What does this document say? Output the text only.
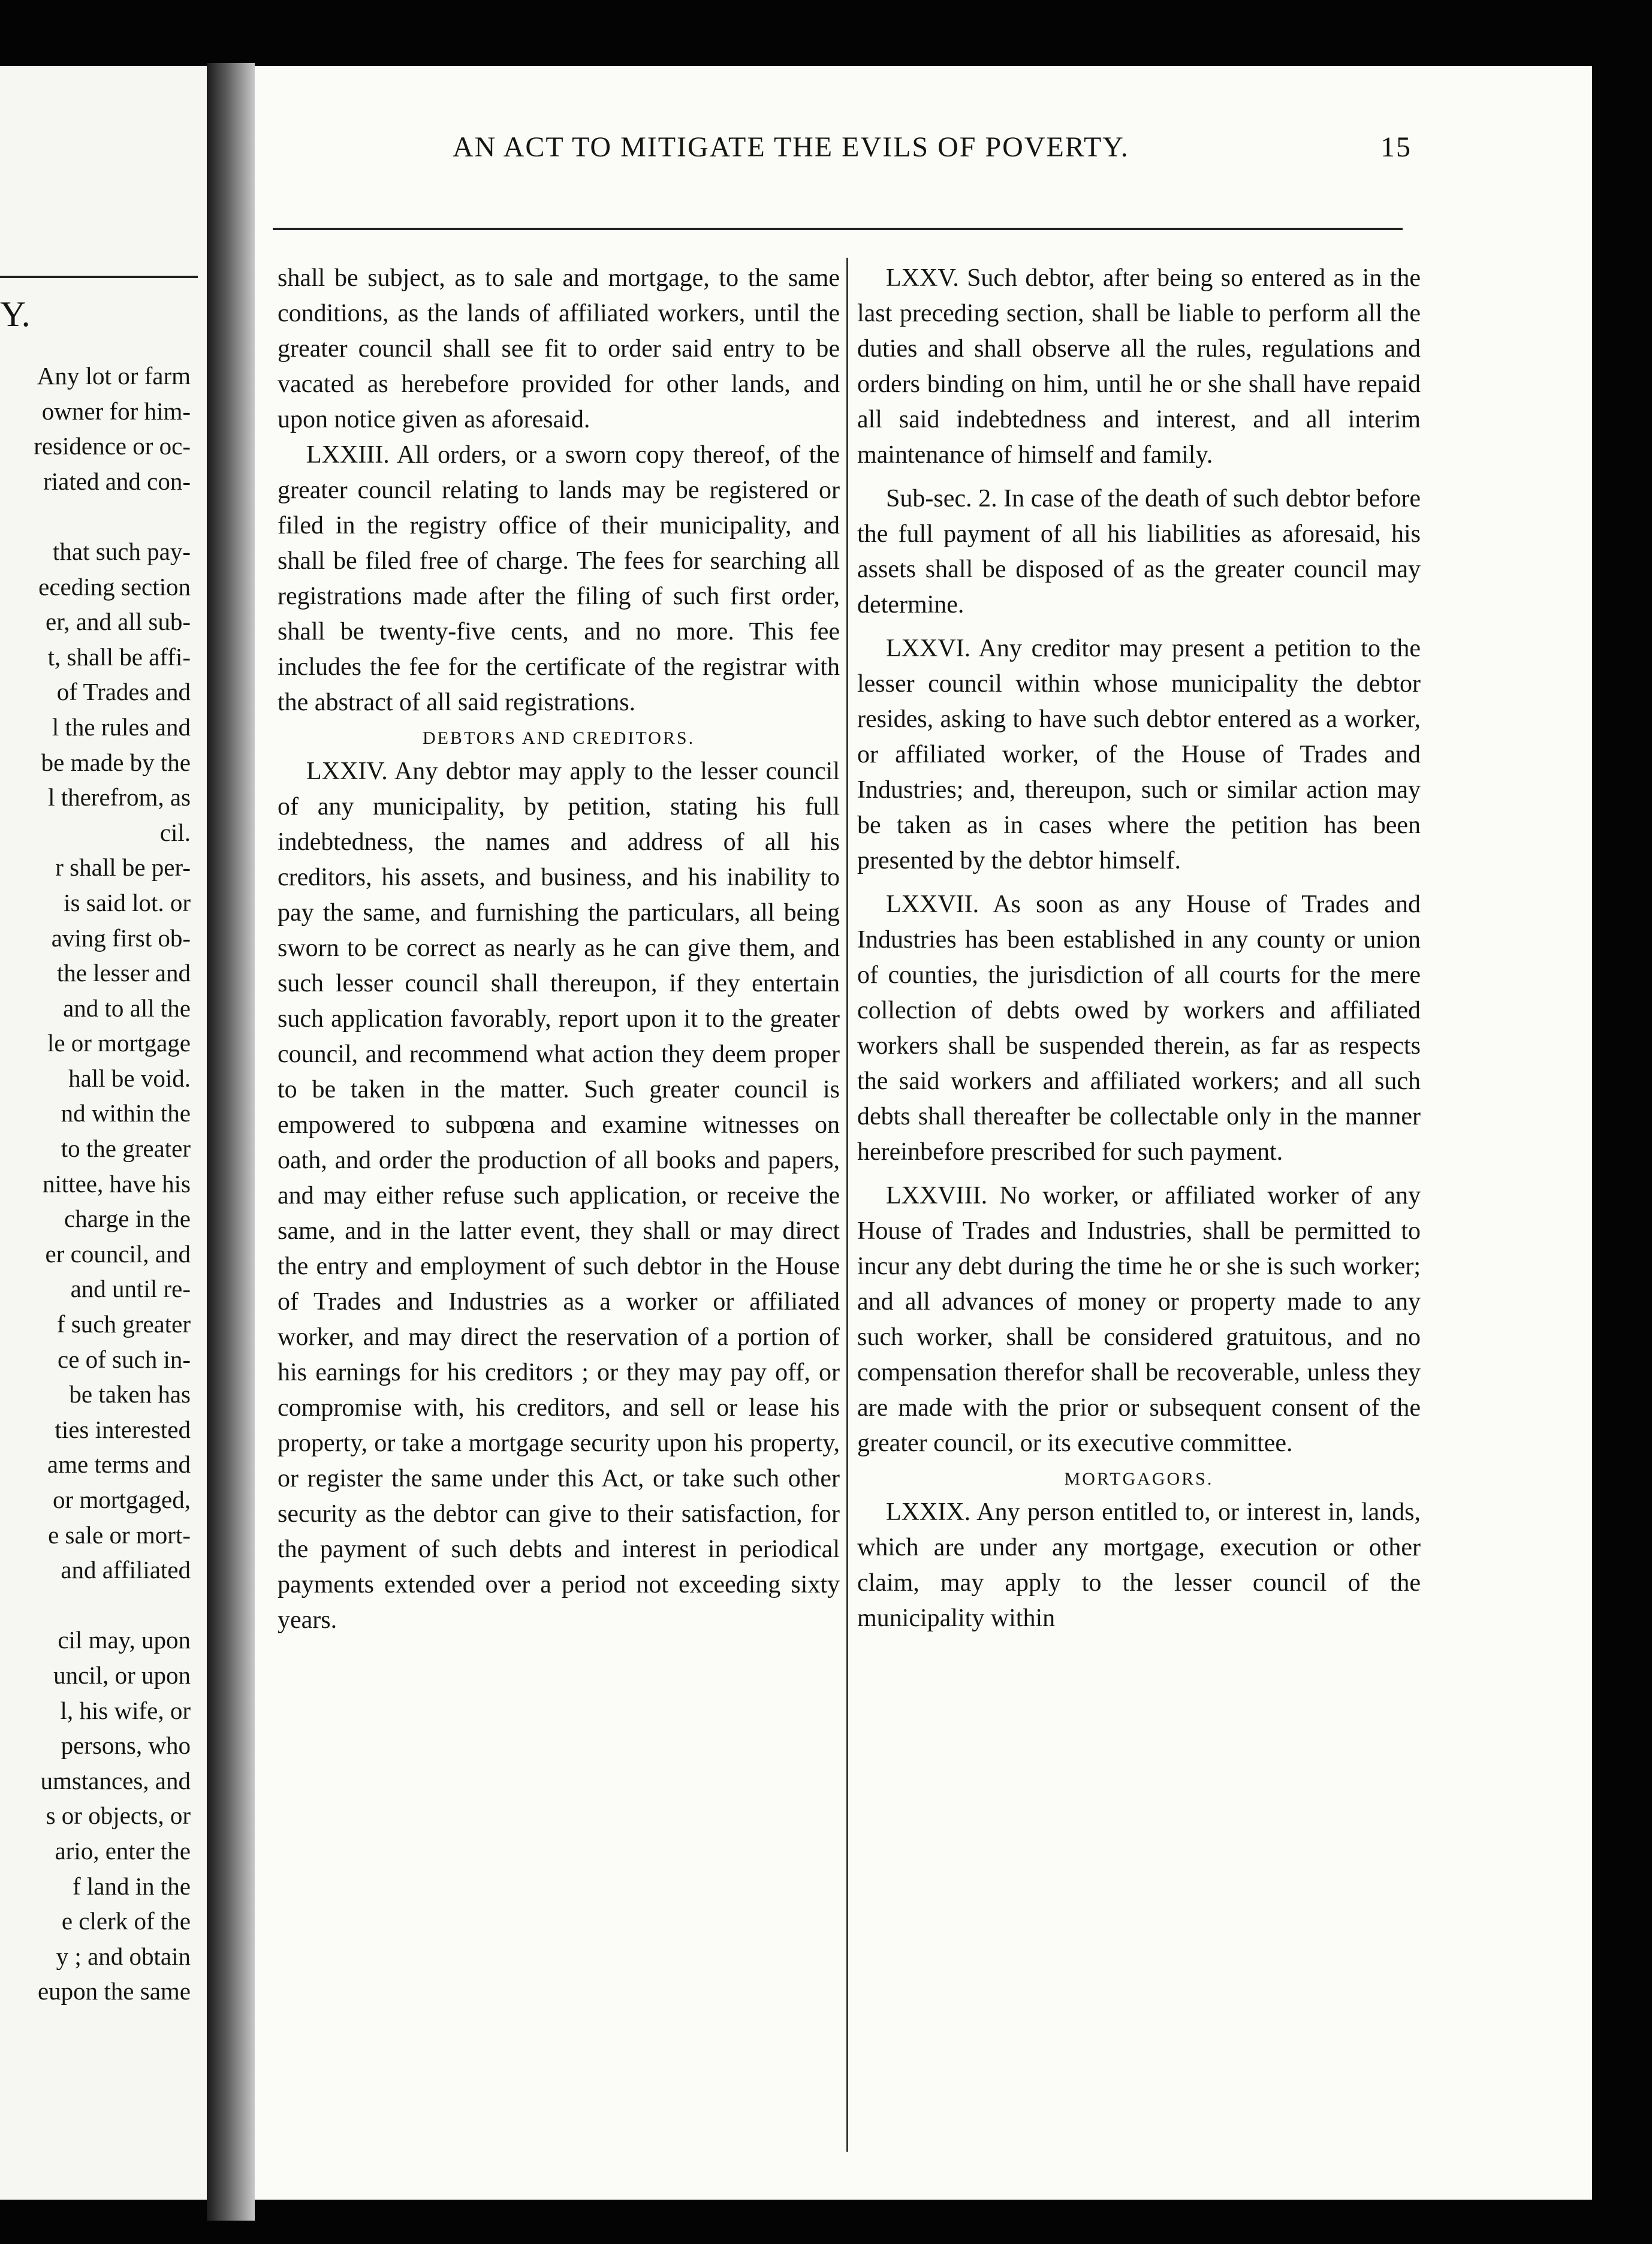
Y.
Any lot or farm
owner for him-
residence or oc-
riated and con-

that such pay-
eceding section
er, and all sub-
t, shall be affi-
of Trades and
l the rules and
be made by the
l therefrom, as
cil.
r shall be per-
is said lot. or
aving first ob-
the lesser and
and to all the
le or mortgage
hall be void.
nd within the
to the greater
nittee, have his
charge in the
er council, and
and until re-
f such greater
ce of such in-
be taken has
ties interested
ame terms and
or mortgaged,
e sale or mort-
and affiliated

cil may, upon
uncil, or upon
l, his wife, or
persons, who
umstances, and
s or objects, or
ario, enter the
f land in the
e clerk of the
y ; and obtain
eupon the same
AN ACT TO MITIGATE THE EVILS OF POVERTY.	15

shall be subject, as to sale and mortgage, to the same conditions, as the lands of affiliated workers, until the greater council shall see fit to order said entry to be vacated as herebefore provided for other lands, and upon notice given as aforesaid.

LXXIII. All orders, or a sworn copy thereof, of the greater council relating to lands may be registered or filed in the registry office of their municipality, and shall be filed free of charge. The fees for searching all registrations made after the filing of such first order, shall be twenty-five cents, and no more. This fee includes the fee for the certificate of the registrar with the abstract of all said registrations.

DEBTORS AND CREDITORS.

LXXIV. Any debtor may apply to the lesser council of any municipality, by petition, stating his full indebtedness, the names and address of all his creditors, his assets, and business, and his inability to pay the same, and furnishing the particulars, all being sworn to be correct as nearly as he can give them, and such lesser council shall thereupon, if they entertain such application favorably, report upon it to the greater council, and recommend what action they deem proper to be taken in the matter. Such greater council is empowered to subpœna and examine witnesses on oath, and order the production of all books and papers, and may either refuse such application, or receive the same, and in the latter event, they shall or may direct the entry and employment of such debtor in the House of Trades and Industries as a worker or affiliated worker, and may direct the reservation of a portion of his earnings for his creditors ; or they may pay off, or compromise with, his creditors, and sell or lease his property, or take a mortgage security upon his property, or register the same under this Act, or take such other security as the debtor can give to their satisfaction, for the payment of such debts and interest in periodical payments extended over a period not exceeding sixty years.

LXXV. Such debtor, after being so entered as in the last preceding section, shall be liable to perform all the duties and shall observe all the rules, regulations and orders binding on him, until he or she shall have repaid all said indebtedness and interest, and all interim maintenance of himself and family.

Sub-sec. 2. In case of the death of such debtor before the full payment of all his liabilities as aforesaid, his assets shall be disposed of as the greater council may determine.

LXXVI. Any creditor may present a petition to the lesser council within whose municipality the debtor resides, asking to have such debtor entered as a worker, or affiliated worker, of the House of Trades and Industries; and, thereupon, such or similar action may be taken as in cases where the petition has been presented by the debtor himself.

LXXVII. As soon as any House of Trades and Industries has been established in any county or union of counties, the jurisdiction of all courts for the mere collection of debts owed by workers and affiliated workers shall be suspended therein, as far as respects the said workers and affiliated workers; and all such debts shall thereafter be collectable only in the manner hereinbefore prescribed for such payment.

LXXVIII. No worker, or affiliated worker of any House of Trades and Industries, shall be permitted to incur any debt during the time he or she is such worker; and all advances of money or property made to any such worker, shall be considered gratuitous, and no compensation therefor shall be recoverable, unless they are made with the prior or subsequent consent of the greater council, or its executive committee.

MORTGAGORS.

LXXIX. Any person entitled to, or interest in, lands, which are under any mortgage, execution or other claim, may apply to the lesser council of the municipality within
